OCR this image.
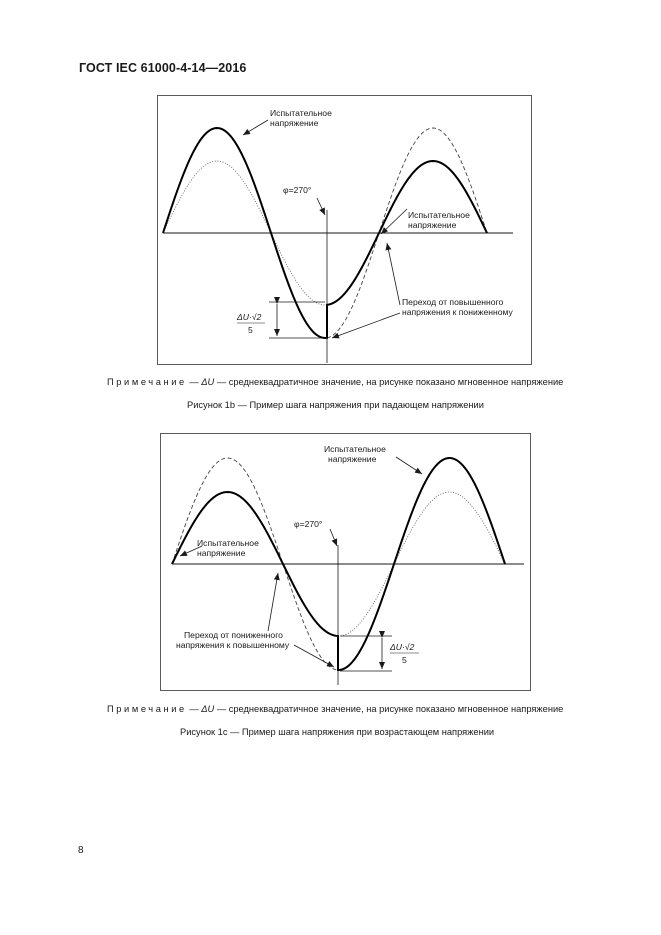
ГОСТ IEC 61000-4-14—2016
Испытательное
напряжение
Испытательное
напряжение
φ=270°
ΔU·√2
5
Переход от повышенного
напряжения к пониженному
Примечание — ΔU — среднеквадратичное значение, на рисунке показано мгновенное напряжение
Рисунок 1b — Пример шага напряжения при падающем напряжении
Испытательное
напряжение
Испытательное
напряжение
φ=270°
ΔU·√2
5
Переход от пониженного
напряжения к повышенному
Примечание — ΔU — среднеквадратичное значение, на рисунке показано мгновенное напряжение
Рисунок 1c — Пример шага напряжения при возрастающем напряжении
8
